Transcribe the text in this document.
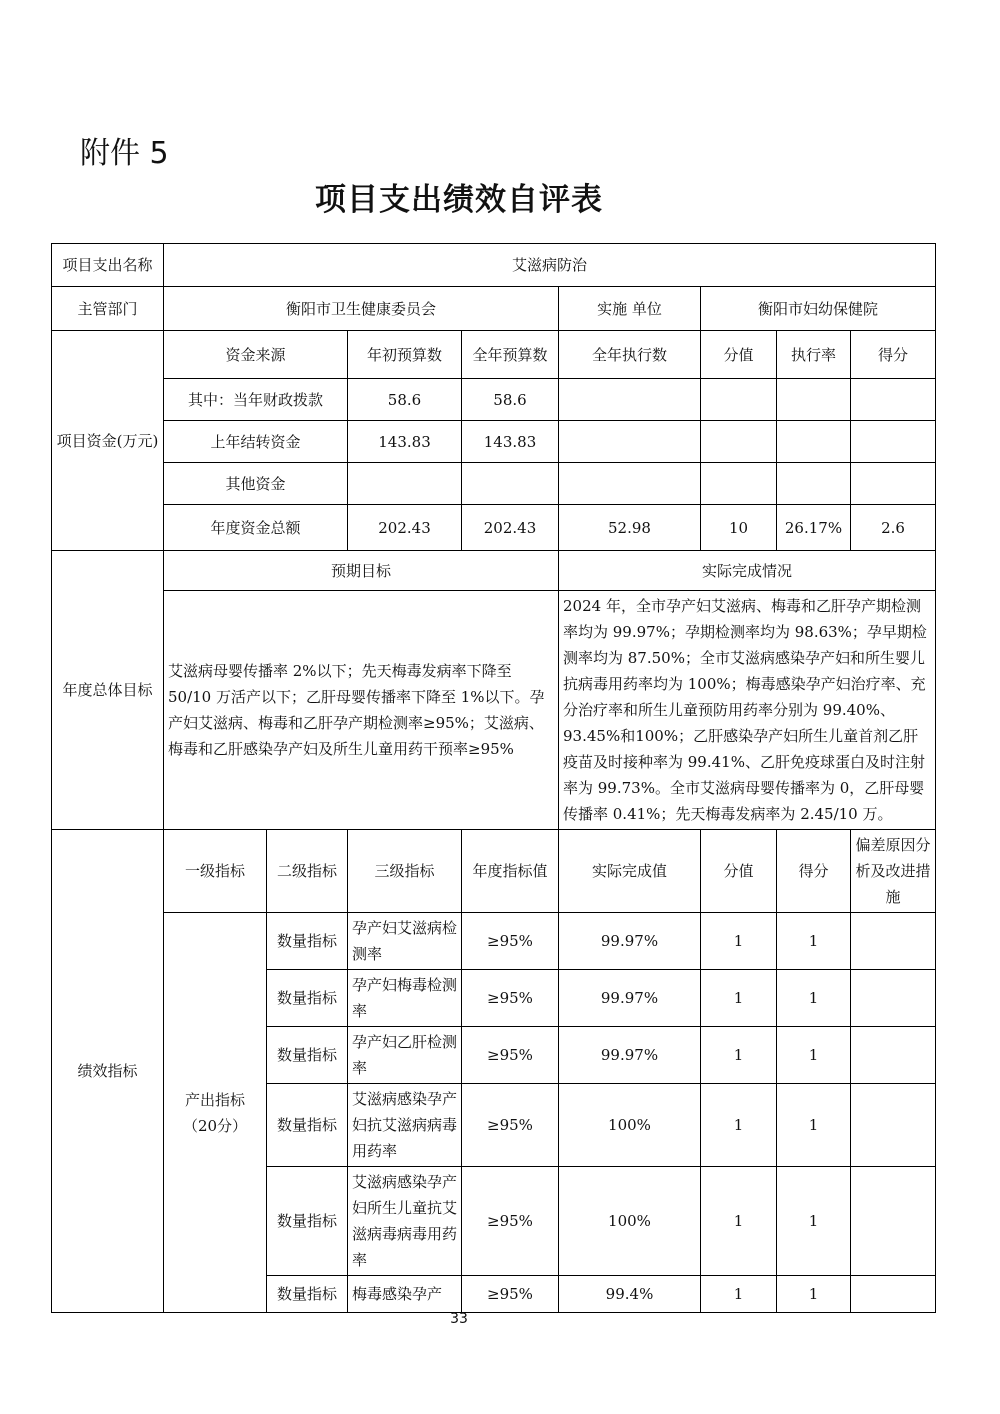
附件 5
项目支出绩效自评表
项目支出名称	艾滋病防治							
主管部门	衡阳市卫生健康委员会				实施 单位	衡阳市妇幼保健院		
项目资金(万元)	资金来源		年初预算数	全年预算数	全年执行数	分值	执行率	得分
	其中：当年财政拨款		58.6	58.6				
	上年结转资金		143.83	143.83				
	其他资金							
	年度资金总额		202.43	202.43	52.98	10	26.17%	2.6
年度总体目标	预期目标				实际完成情况			
	艾滋病母婴传播率 2%以下；先天梅毒发病率下降至 50/10 万活产以下；乙肝母婴传播率下降至 1%以下。孕产妇艾滋病、梅毒和乙肝孕产期检测率≥95%；艾滋病、梅毒和乙肝感染孕产妇及所生儿童用药干预率≥95%				2024 年，全市孕产妇艾滋病、梅毒和乙肝孕产期检测率均为 99.97%；孕期检测率均为 98.63%；孕早期检测率均为 87.50%；全市艾滋病感染孕产妇和所生婴儿抗病毒用药率均为 100%；梅毒感染孕产妇治疗率、充分治疗率和所生儿童预防用药率分别为 99.40%、93.45%和100%；乙肝感染孕产妇所生儿童首剂乙肝疫苗及时接种率为 99.41%、乙肝免疫球蛋白及时注射率为 99.73%。全市艾滋病母婴传播率为 0，乙肝母婴传播率 0.41%；先天梅毒发病率为 2.45/10 万。			
绩效指标	一级指标	二级指标	三级指标	年度指标值	实际完成值	分值	得分	偏差原因分析及改进措施
	产出指标（20分）	数量指标	孕产妇艾滋病检测率	≥95%	99.97%	1	1	
		数量指标	孕产妇梅毒检测率	≥95%	99.97%	1	1	
		数量指标	孕产妇乙肝检测率	≥95%	99.97%	1	1	
		数量指标	艾滋病感染孕产妇抗艾滋病病毒用药率	≥95%	100%	1	1	
		数量指标	艾滋病感染孕产妇所生儿童抗艾滋病毒病毒用药率	≥95%	100%	1	1	
		数量指标	梅毒感染孕产	≥95%	99.4%	1	1	
33
